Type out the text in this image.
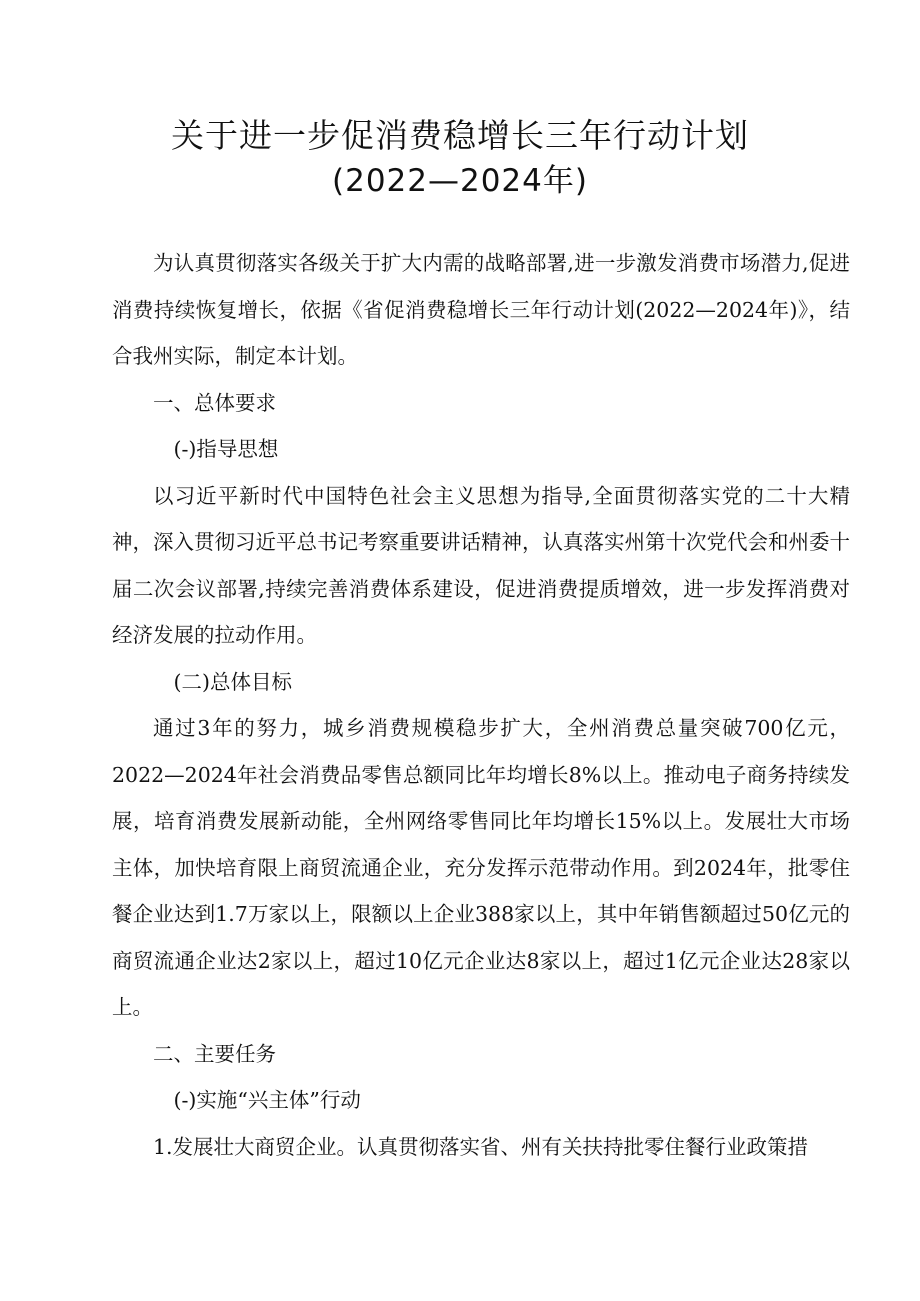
关于进一步促消费稳增长三年行动计划
(2022—2024年)

为认真贯彻落实各级关于扩大内需的战略部署,进一步激发消费市场潜力,促进消费持续恢复增长，依据《省促消费稳增长三年行动计划(2022—2024年)》，结合我州实际，制定本计划。

一、总体要求

(-)指导思想

以习近平新时代中国特色社会主义思想为指导,全面贯彻落实党的二十大精神，深入贯彻习近平总书记考察重要讲话精神，认真落实州第十次党代会和州委十届二次会议部署,持续完善消费体系建设，促进消费提质增效，进一步发挥消费对经济发展的拉动作用。

(二)总体目标

通过3年的努力，城乡消费规模稳步扩大，全州消费总量突破700亿元，2022—2024年社会消费品零售总额同比年均增长8%以上。推动电子商务持续发展，培育消费发展新动能，全州网络零售同比年均增长15%以上。发展壮大市场主体，加快培育限上商贸流通企业，充分发挥示范带动作用。到2024年，批零住餐企业达到1.7万家以上，限额以上企业388家以上，其中年销售额超过50亿元的商贸流通企业达2家以上，超过10亿元企业达8家以上，超过1亿元企业达28家以上。

二、主要任务

(-)实施“兴主体”行动

1.发展壮大商贸企业。认真贯彻落实省、州有关扶持批零住餐行业政策措
